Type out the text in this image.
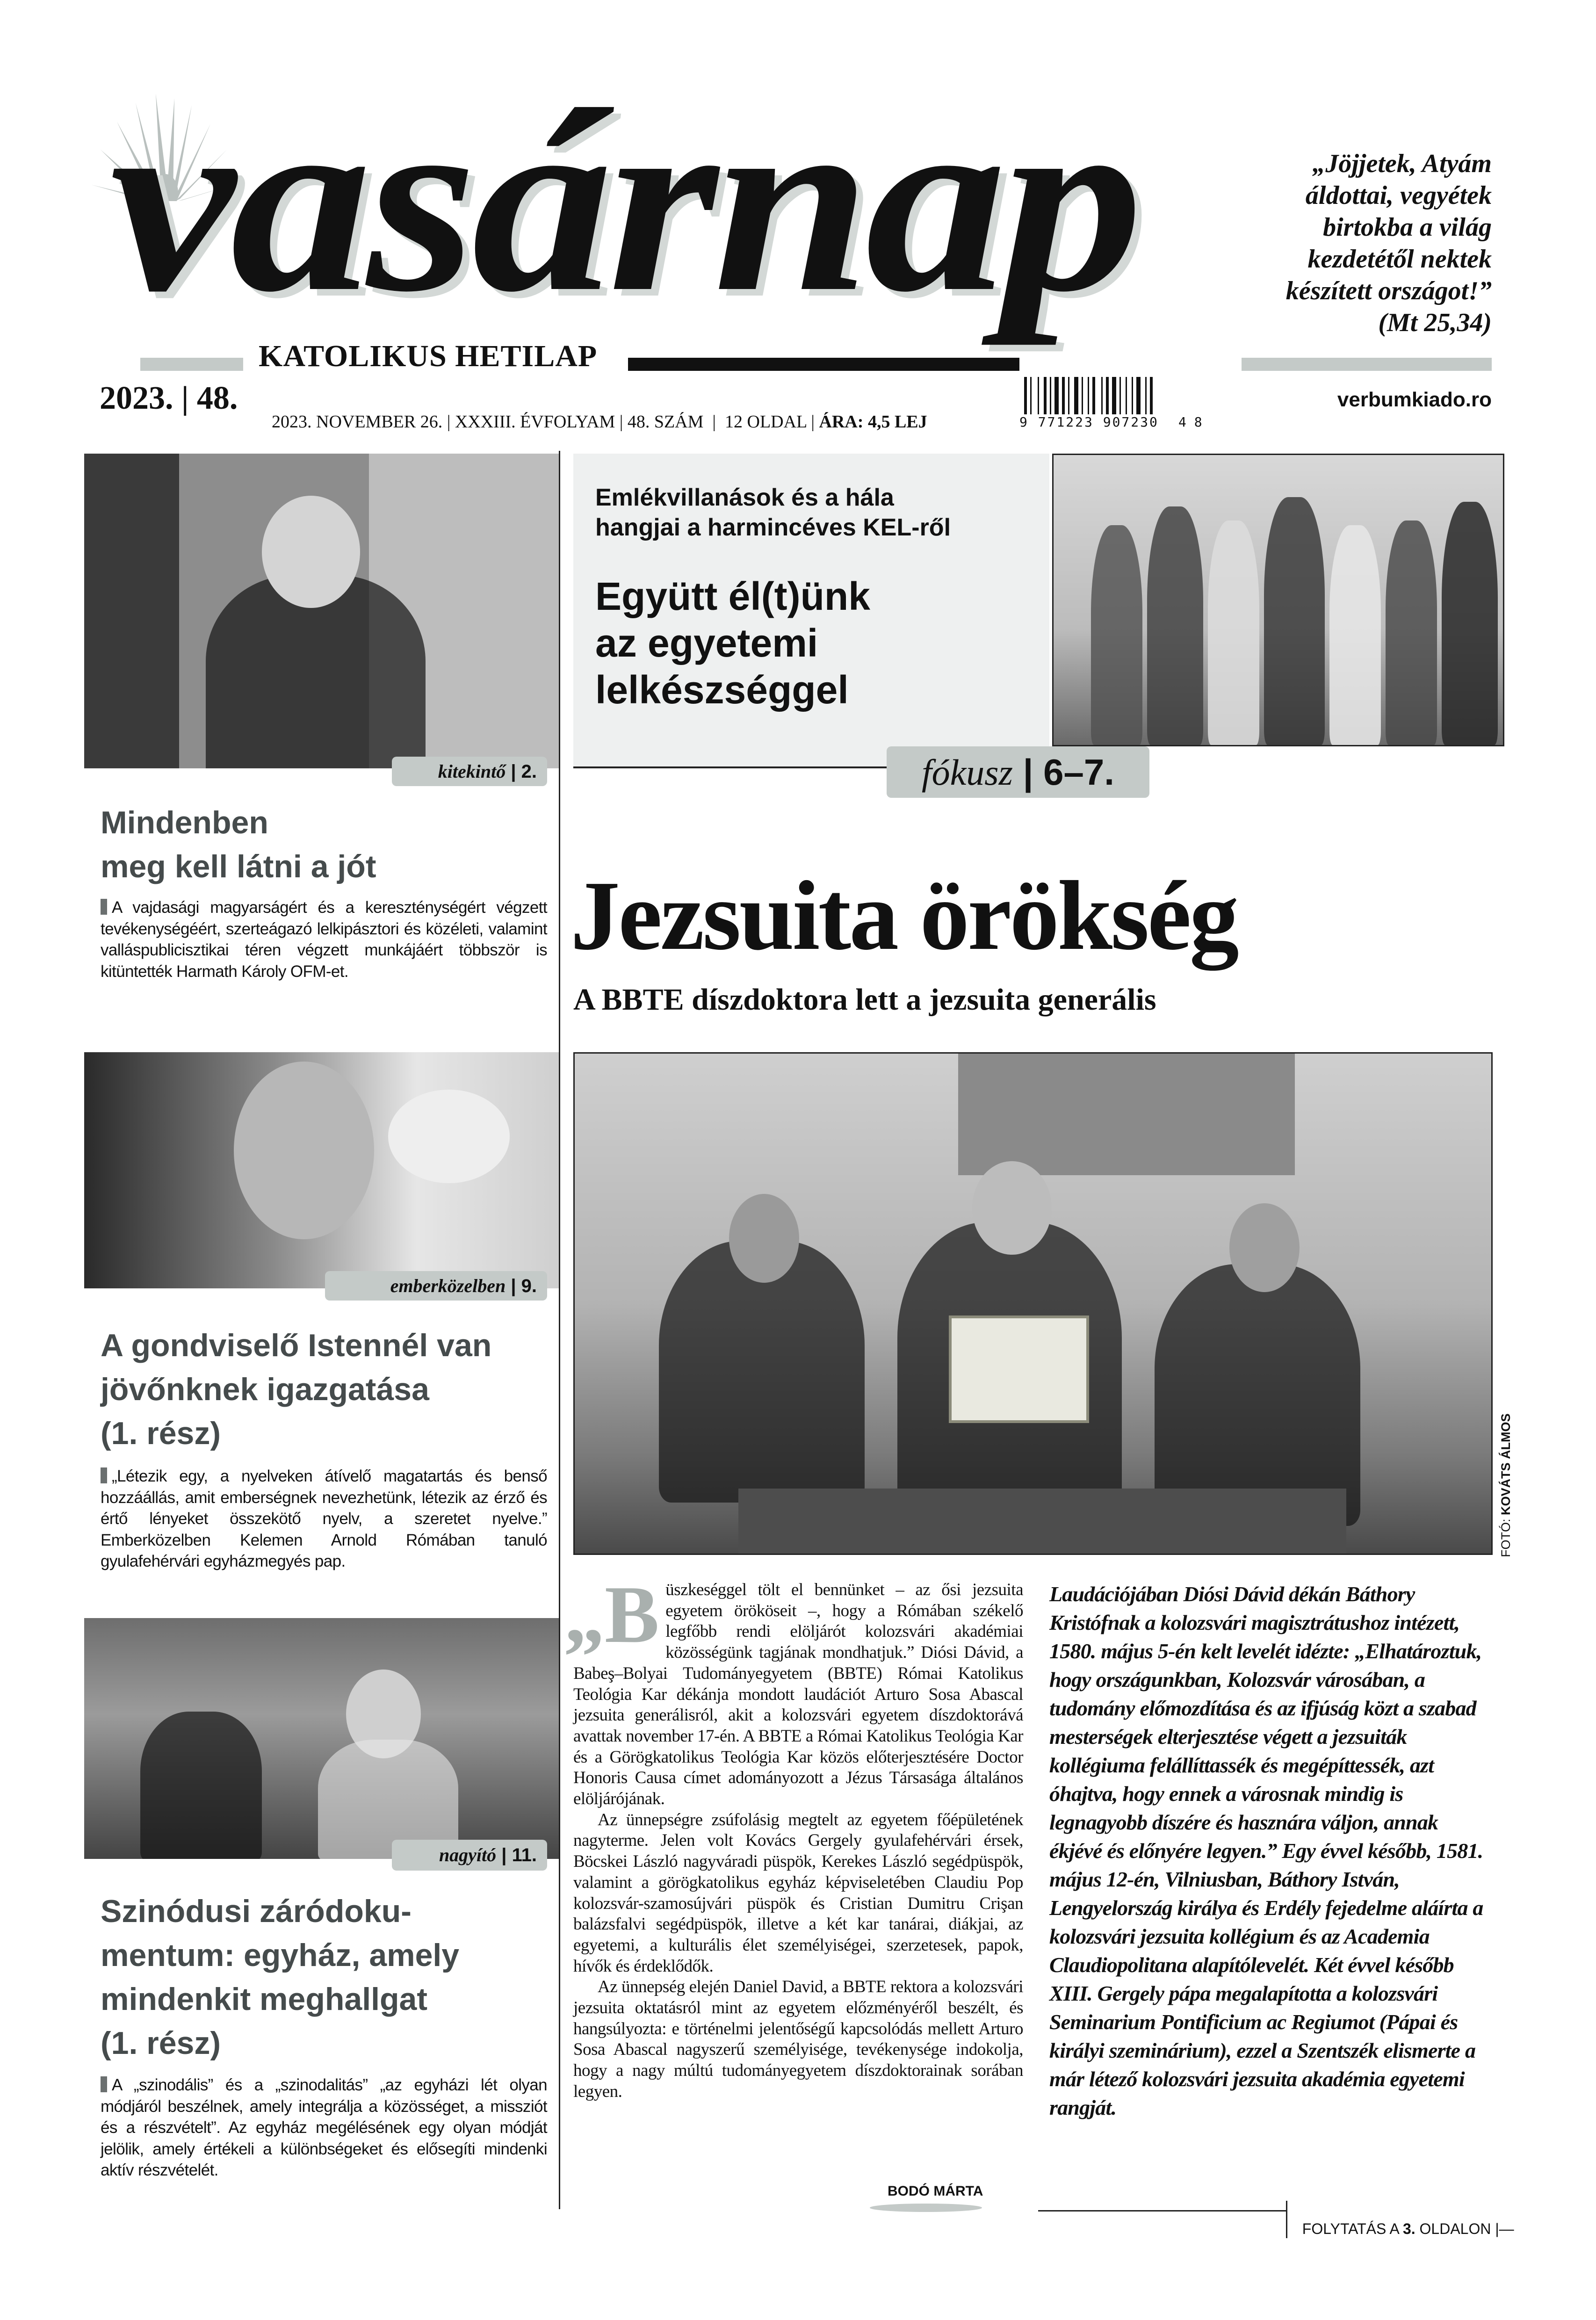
vasárnap
KATOLIKUS HETILAP
„Jöjjetek, Atyám
áldottai, vegyétek
birtokba a világ
kezdetétől nektek
készített országot!”
(Mt 25,34)
2023. | 48.

2023. NOVEMBER 26. | XXXIII. ÉVFOLYAM | 48. SZÁM  |  12 OLDAL | ÁRA: 4,5 LEJ	9 771223 907230 4 8
verbumkiado.ro
kitekintő | 2.
Mindenben
meg kell látni a jót
A vajdasági magyarságért és a kereszténységért végzett tevékenységéért, szerteágazó lelkipásztori és közéleti, valamint valláspublicisztikai téren végzett munkájáért többször is kitüntették Harmath Károly OFM-et.
emberközelben | 9.
A gondviselő Istennél van
jövőnknek igazgatása
(1. rész)
„Létezik egy, a nyelveken átívelő magatartás és benső hozzáállás, amit emberségnek nevezhetünk, létezik az érző és értő lényeket összekötő nyelv, a szeretet nyelve.” Emberközelben Kelemen Arnold Rómában tanuló gyulafehérvári egyházmegyés pap.
nagyító | 11.
Szinódusi záródoku-
mentum: egyház, amely
mindenkit meghallgat
(1. rész)
A „szinodális” és a „szinodalitás” „az egyházi lét olyan módjáról beszélnek, amely integrálja a közösséget, a missziót és a részvételt”. Az egyház megélésének egy olyan módját jelölik, amely értékeli a különbségeket és elősegíti mindenki aktív részvételét.
Emlékvillanások és a hála
hangjai a harmincéves KEL-ről
Együtt él(t)ünk
az egyetemi
lelkészséggel
fókusz | 6–7.
Jezsuita örökség
A BBTE díszdoktora lett a jezsuita generális
FOTÓ: KOVÁTS ÁLMOS

„Büszkeséggel tölt el bennünket – az ősi jezsuita egyetem örököseit –, hogy a Rómában székelő legfőbb rendi elöljárót kolozsvári akadémiai közösségünk tagjának mondhatjuk.” Diósi Dávid, a Babeş–Bolyai Tudományegyetem (BBTE) Római Katolikus Teológia Kar dékánja mondott laudációt Arturo Sosa Abascal jezsuita generálisról, akit a kolozsvári egyetem díszdoktorává avattak november 17-én. A BBTE a Római Katolikus Teológia Kar és a Görögkatolikus Teológia Kar közös előterjesztésére Doctor Honoris Causa címet adományozott a Jézus Társasága általános elöljárójának.

Az ünnepségre zsúfolásig megtelt az egyetem főépületének nagyterme. Jelen volt Kovács Gergely gyulafehérvári érsek, Böcskei László nagyváradi püspök, Kerekes László segédpüspök, valamint a görögkatolikus egyház képviseletében Claudiu Pop kolozsvár-szamosújvári püspök és Cristian Dumitru Crişan balázsfalvi segédpüspök, illetve a két kar tanárai, diákjai, az egyetemi, a kulturális élet személyiségei, szerzetesek, papok, hívők és érdeklődők.

Az ünnepség elején Daniel David, a BBTE rektora a kolozsvári jezsuita oktatásról mint az egyetem előzményéről beszélt, és hangsúlyozta: e történelmi jelentőségű kapcsolódás mellett Arturo Sosa Abascal nagyszerű személyisége, tevékenysége indokolja, hogy a nagy múltú tudományegyetem díszdoktorainak sorában legyen.

BODÓ MÁRTA
Laudációjában Diósi Dávid dékán Báthory Kristófnak a kolozsvári magisztrátushoz intézett, 1580. május 5-én kelt levelét idézte: „Elhatároztuk, hogy országunkban, Kolozsvár városában, a tudomány előmozdítása és az ifjúság közt a szabad mesterségek elterjesztése végett a jezsuiták kollégiuma felállíttassék és megépíttessék, azt óhajtva, hogy ennek a városnak mindig is legnagyobb díszére és hasznára váljon, annak ékjévé és előnyére legyen.” Egy évvel később, 1581. május 12-én, Vilniusban, Báthory István, Lengyelország királya és Erdély fejedelme aláírta a kolozsvári jezsuita kollégium és az Academia Claudiopolitana alapítólevelét. Két évvel később XIII. Gergely pápa megalapította a kolozsvári Seminarium Pontificium ac Regiumot (Pápai és királyi szeminárium), ezzel a Szentszék elismerte a már létező kolozsvári jezsuita akadémia egyetemi rangját.

FOLYTATÁS A 3. OLDALON |—
